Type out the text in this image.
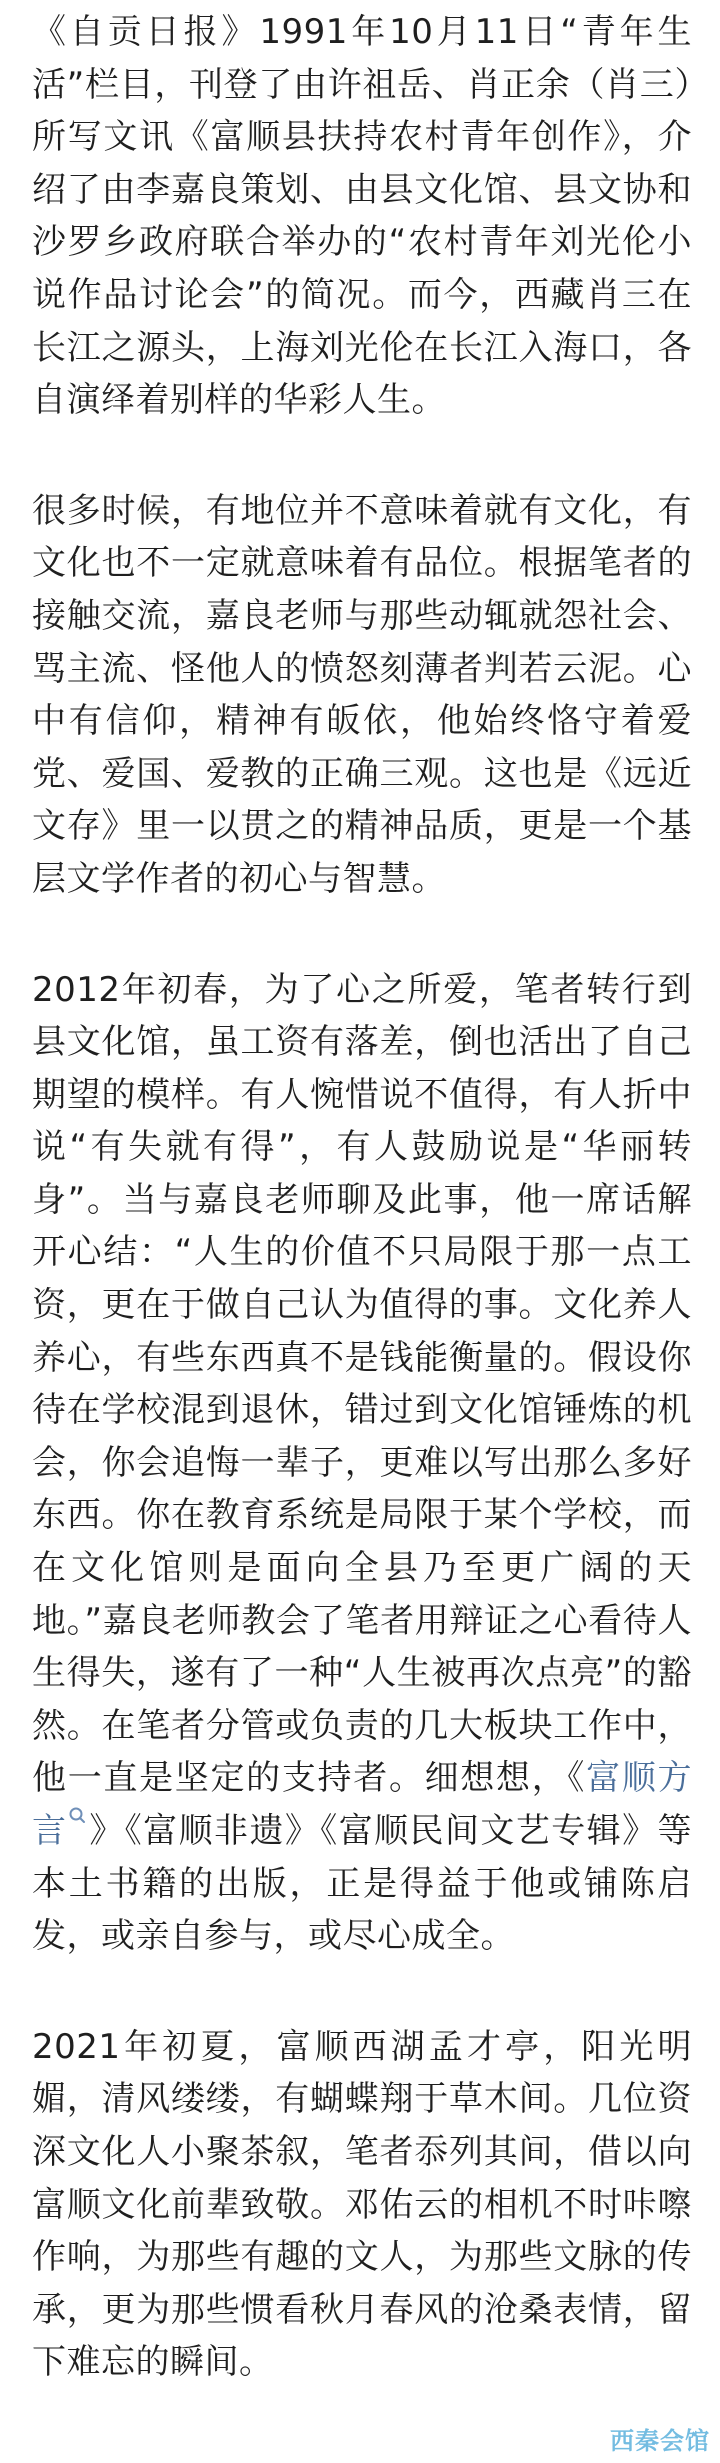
《自贡日报》1991年10月11日“青年生活”栏目，刊登了由许祖岳、肖正余（肖三）所写文讯《富顺县扶持农村青年创作》，介绍了由李嘉良策划、由县文化馆、县文协和沙罗乡政府联合举办的“农村青年刘光伦小说作品讨论会”的简况。而今，西藏肖三在长江之源头，上海刘光伦在长江入海口，各自演绎着别样的华彩人生。

很多时候，有地位并不意味着就有文化，有文化也不一定就意味着有品位。根据笔者的接触交流，嘉良老师与那些动辄就怨社会、骂主流、怪他人的愤怒刻薄者判若云泥。心中有信仰，精神有皈依，他始终恪守着爱党、爱国、爱教的正确三观。这也是《远近文存》里一以贯之的精神品质，更是一个基层文学作者的初心与智慧。

2012年初春，为了心之所爱，笔者转行到县文化馆，虽工资有落差，倒也活出了自己期望的模样。有人惋惜说不值得，有人折中说“有失就有得”，有人鼓励说是“华丽转身”。当与嘉良老师聊及此事，他一席话解开心结：“人生的价值不只局限于那一点工资，更在于做自己认为值得的事。文化养人养心，有些东西真不是钱能衡量的。假设你待在学校混到退休，错过到文化馆锤炼的机会，你会追悔一辈子，更难以写出那么多好东西。你在教育系统是局限于某个学校，而在文化馆则是面向全县乃至更广阔的天地。”嘉良老师教会了笔者用辩证之心看待人生得失，遂有了一种“人生被再次点亮”的豁然。在笔者分管或负责的几大板块工作中，他一直是坚定的支持者。细想想，《富顺方言 》《富顺非遗》《富顺民间文艺专辑》等本土书籍的出版，正是得益于他或铺陈启发，或亲自参与，或尽心成全。

2021年初夏，富顺西湖孟才亭，阳光明媚，清风缕缕，有蝴蝶翔于草木间。几位资深文化人小聚茶叙，笔者忝列其间，借以向富顺文化前辈致敬。邓佑云的相机不时咔嚓作响，为那些有趣的文人，为那些文脉的传承，更为那些惯看秋月春风的沧桑表情，留下难忘的瞬间。

西秦会馆
